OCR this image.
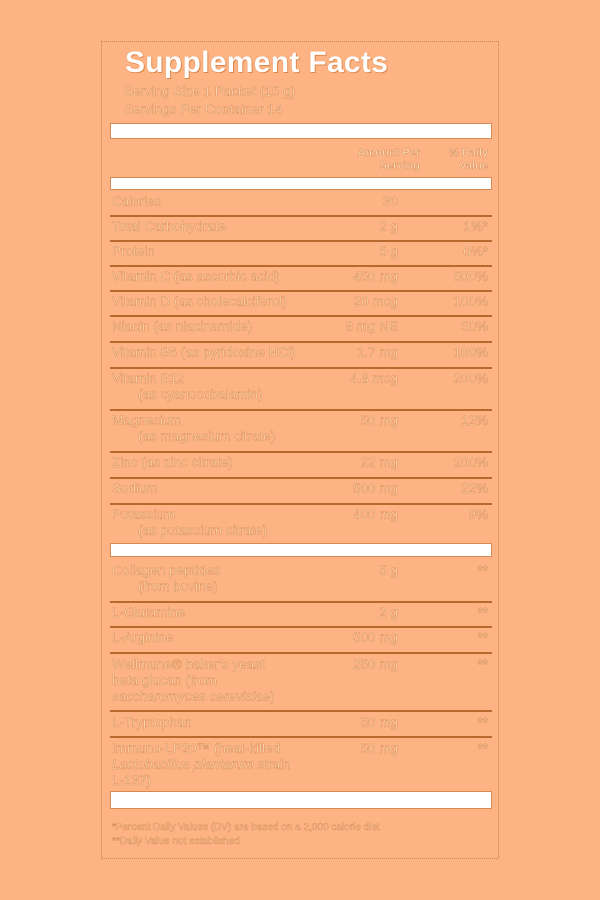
Supplement Facts
Serving Size 1 Packet (15 g)
Servings Per Container 14
Amount Per
Serving
% Daily
Value
Calories	30
Total Carbohydrate	2 g	1%*
Protein	5 g	0%*
Vitamin C (as ascorbic acid)	450 mg	500%
Vitamin D (as cholecalciferol)	20 mcg	100%
Niacin (as niacinamide)	8 mg NE	50%
Vitamin B6 (as pyridoxine HCl)	1.7 mg	100%
Vitamin B12
(as cyanocobalamin)
4.8 mcg	200%
Magnesium
(as magnesium citrate)
50 mg	12%
Zinc (as zinc citrate)	22 mg	200%
Sodium	500 mg	22%
Potassium
(as potassium citrate)
400 mg	9%
Collagen peptides
(from bovine)
5 g	**
L-Glutamine	2 g	**
L-Arginine	500 mg	**
Wellmune® baker's yeast
beta glucan (from
saccharomyces cerevisiae)
250 mg	**
L-Tryptophan	50 mg	**
Immuno-LP20™ (heat-killed
Lactobacillus plantarum strain
L-137)
50 mg	**
*Percent Daily Values (DV) are based on a 2,000 calorie diet
**Daily Value not established
